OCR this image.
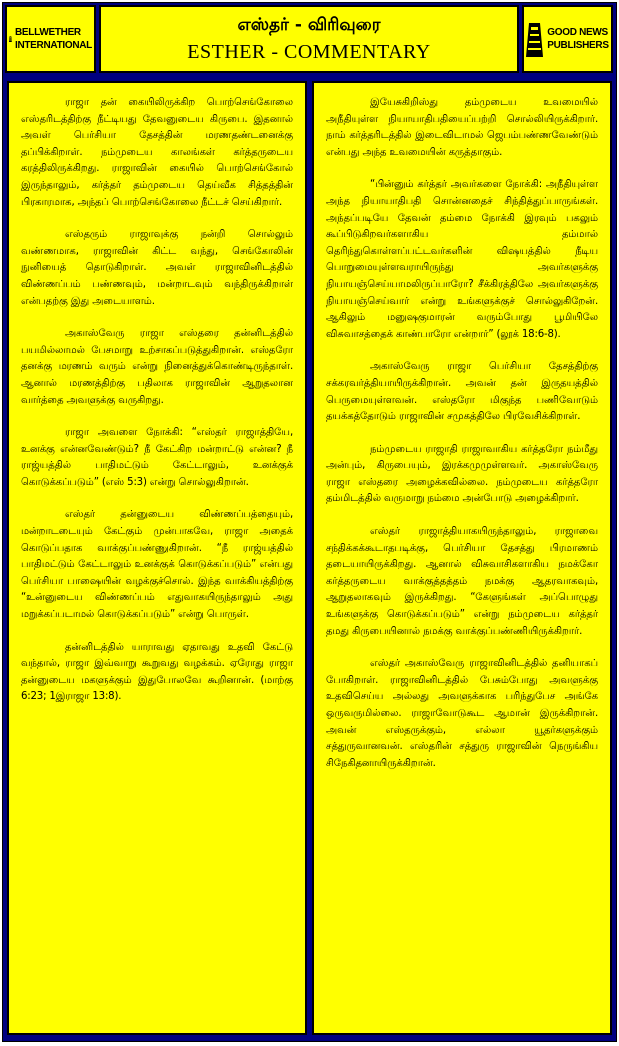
BELLWETHER
INTERNATIONAL
எஸ்தர் - விரிவுரை
ESTHER - COMMENTARY
GOOD NEWS
PUBLISHERS

ராஜா தன் கையிலிருக்கிற பொற்செங்கோலை எஸ்தரிடத்திற்கு நீட்டியது தேவனுடைய கிருபை. இதனால் அவள் பெர்சியா தேசத்தின் மரணதண்டனைக்கு தப்பிக்கிறாள். நம்முடைய காலங்கள் கர்த்தருடைய கரத்திலிருக்கிறது. ராஜாவின் கையில் பொற்செங்கோல் இருந்தாலும், கர்த்தர் தம்முடைய தெய்வீக சித்தத்தின் பிரகாரமாக, அந்தப் பொற்செங்கோலை நீட்டச் செய்கிறார்.

எஸ்தரும் ராஜாவுக்கு நன்றி சொல்லும் வண்ணமாக, ராஜாவின் கிட்ட வந்து, செங்கோலின் நுனியைத் தொடுகிறாள். அவள் ராஜாவினிடத்தில் விண்ணப்பம் பண்ணவும், மன்றாடவும் வந்திருக்கிறாள் என்பதற்கு இது அடையாளம்.

அகாஸ்வேரு ராஜா எஸ்தரை தன்னிடத்தில் பயமில்லாமல் பேசமாறு உற்சாகப்படுத்துகிறான். எஸ்தரோ தனக்கு மரணம் வரும் என்று நினைத்துக்கொண்டிருந்தாள். ஆனால் மரணத்திற்கு பதிலாக ராஜாவின் ஆறுதலான வார்த்தை அவளுக்கு வருகிறது.

ராஜா அவளை நோக்கி: “எஸ்தர் ராஜாத்தியே, உனக்கு என்னவேண்டும்? நீ கேட்கிற மன்றாட்டு என்ன? நீ ராஜ்யத்தில் பாதிமட்டும் கேட்டாலும், உனக்குக் கொடுக்கப்படும்” (எஸ் 5:3) என்று சொல்லுகிறான்.

எஸ்தர் தன்னுடைய விண்ணப்பத்தையும், மன்றாடடையும் கேட்கும் முன்பாகவே, ராஜா அதைக் கொடுப்பதாக வாக்குப்பண்ணுகிறான். “நீ ராஜ்யத்தில் பாதிமட்டும் கேட்டாலும் உனக்குக் கொடுக்கப்படும்” என்பது பெர்சியா பாஷையின் வழக்குச்சொல். இந்த வாக்கியத்திற்கு “உன்னுடைய விண்ணப்பம் எதுவாகயிருந்தாலும் அது மறுக்கப்படாமல் கொடுக்கப்படும்” என்று பொருள்.

தன்னிடத்தில் யாராவது ஏதாவது உதவி கேட்டு வந்தால், ராஜா இவ்வாறு கூறுவது வழக்கம். ஏரோது ராஜா தன்னுடைய மகளுக்கும் இதுபோலவே கூறினான். (மாற்கு 6:23; 1இராஜா 13:8).

இயேசுகிறிஸ்து தம்முடைய உவமையில் அநீதியுள்ள நியாயாதிபதியைப்பற்றி சொல்லியிருக்கிறார். நாம் கர்த்தரிடத்தில் இடைவிடாமல் ஜெபம்பண்ணவேண்டும் என்பது அந்த உவமையின் கருத்தாகும்.

“பின்னும் கர்த்தர் அவர்களை நோக்கி: அநீதியுள்ள அந்த நியாயாதிபதி சொன்னதைச் சிந்தித்துப்பாருங்கள். அந்தப்படியே தேவன் தம்மை நோக்கி இரவும் பகலும் கூப்பிடுகிறவர்களாகிய தம்மால் தெரிந்துகொள்ளப்பட்டவர்களின் விஷயத்தில் நீடிய பொறுமையுள்ளவராயிருந்து அவர்களுக்கு நியாயஞ்செய்யாமலிருப்பாரோ? சீக்கிரத்திலே அவர்களுக்கு நியாயஞ்செய்வார் என்று உங்களுக்குச் சொல்லுகிறேன். ஆகிலும் மனுஷகுமாரன் வரும்போது பூமியிலே விசுவாசத்தைக் காண்பாரோ என்றார்” (லூக் 18:6-8).

அகாஸ்வேரு ராஜா பெர்சியா தேசத்திற்கு சக்கரவர்த்தியாயிருக்கிறான். அவன் தன் இருதயத்தில் பெருமையுள்ளவன். எஸ்தரோ மிகுந்த பணிவோடும் தயக்கத்தோடும் ராஜாவின் சமுகத்திலே பிரவேசிக்கிறாள்.

நம்முடைய ராஜாதி ராஜாவாகிய கர்த்தரோ நம்மீது அன்பும், கிருபையும், இரக்கமுமுள்ளவர். அகாஸ்வேரு ராஜா எஸ்தரை அழைக்கவில்லை. நம்முடைய கர்த்தரோ தம்மிடத்தில் வருமாறு நம்மை அன்போடு அழைக்கிறார்.

எஸ்தர் ராஜாத்தியாகயிருந்தாலும், ராஜாவை சந்திக்கக்கூடாதபடிக்கு, பெர்சியா தேசத்து பிரமாணம் தடையாயிருக்கிறது. ஆனால் விசுவாசிகளாகிய நமக்கோ கர்த்தருடைய வாக்குத்தத்தம் நமக்கு ஆதரவாகவும், ஆறுதலாகவும் இருக்கிறது. “கேளுங்கள் அப்பொழுது உங்களுக்கு கொடுக்கப்படும்” என்று நம்முடைய கர்த்தர் தமது கிருபையினால் நமக்கு வாக்குப்பண்ணியிருக்கிறார்.

எஸ்தர் அகாஸ்வேரு ராஜாவினிடத்தில் தனியாகப் போகிறாள். ராஜாவினிடத்தில் பேசும்போது அவளுக்கு உதவிசெய்ய அல்லது அவளுக்காக பரிந்துபேச அங்கே ஒருவருமில்லை. ராஜாவோடுகூட ஆமான் இருக்கிறான். அவன் எஸ்தருக்கும், எல்லா யூதர்களுக்கும் சத்துருவானவன். எஸ்தரின் சத்துரு ராஜாவின் நெருங்கிய சிநேகிதனாயிருக்கிறான்.
